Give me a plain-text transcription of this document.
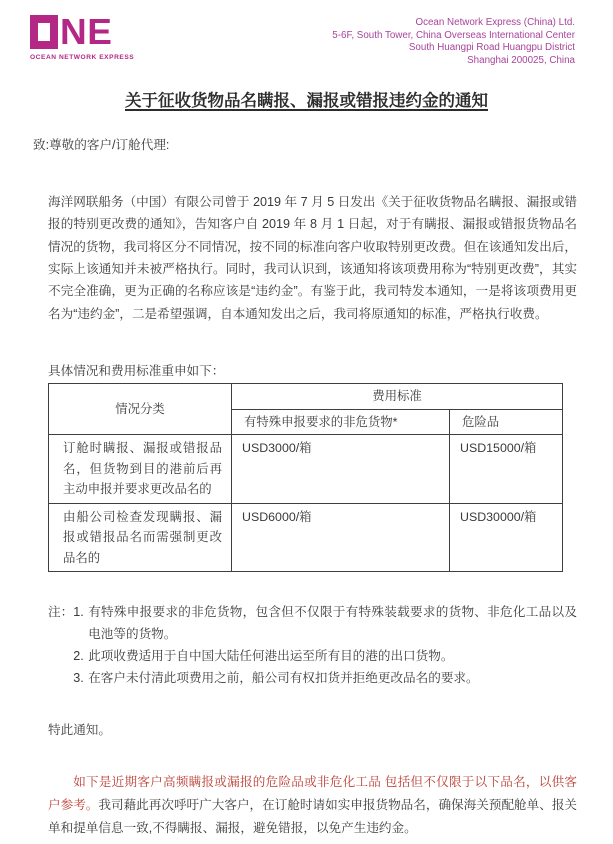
NE
OCEAN NETWORK EXPRESS
Ocean Network Express (China) Ltd.
5-6F, South Tower, China Overseas International Center
South Huangpi Road Huangpu District
Shanghai 200025, China
关于征收货物品名瞒报、漏报或错报违约金的通知

致:尊敬的客户/订舱代理:

海洋网联船务（中国）有限公司曾于 2019 年 7 月 5 日发出《关于征收货物品名瞒报、漏报或错报的特别更改费的通知》，告知客户自 2019 年 8 月 1 日起，对于有瞒报、漏报或错报货物品名情况的货物，我司将区分不同情况，按不同的标准向客户收取特别更改费。但在该通知发出后，实际上该通知并未被严格执行。同时，我司认识到，该通知将该项费用称为“特别更改费”，其实不完全准确，更为正确的名称应该是“违约金”。有鉴于此，我司特发本通知，一是将该项费用更名为“违约金”，二是希望强调，自本通知发出之后，我司将原通知的标准，严格执行收费。

具体情况和费用标准重申如下：

情况分类	费用标准	
	有特殊申报要求的非危货物*	危险品
订舱时瞒报、漏报或错报品名，但货物到目的港前后再主动申报并要求更改品名的	USD3000/箱	USD15000/箱
由船公司检查发现瞒报、漏报或错报品名而需强制更改品名的	USD6000/箱	USD30000/箱
注： 1. 有特殊申报要求的非危货物，包含但不仅限于有特殊装载要求的货物、非危化工品以及电池等的货物。
2. 此项收费适用于自中国大陆任何港出运至所有目的港的出口货物。
3. 在客户未付清此项费用之前，船公司有权扣货并拒绝更改品名的要求。

特此通知。

如下是近期客户高频瞒报或漏报的危险品或非危化工品 包括但不仅限于以下品名，以供客户参考。我司藉此再次呼吁广大客户，在订舱时请如实申报货物品名，确保海关预配舱单、报关单和提单信息一致,不得瞒报、漏报，避免错报，以免产生违约金。
